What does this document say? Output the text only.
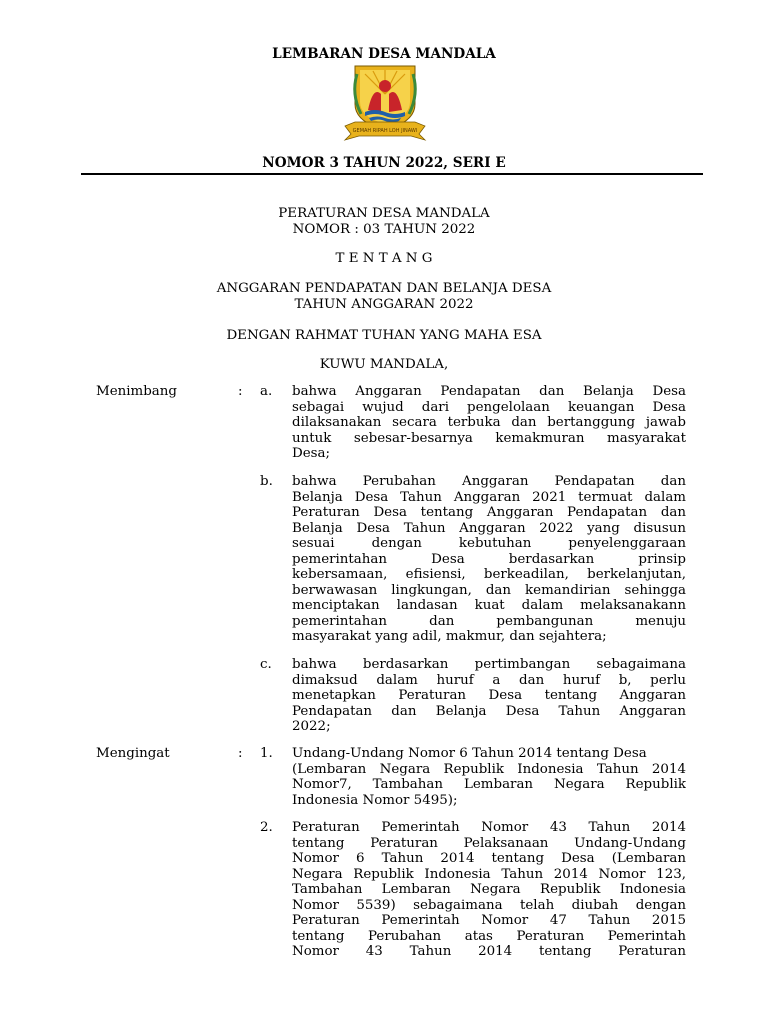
LEMBARAN DESA MANDALA
GEMAH RIPAH LOH JINAWI
NOMOR 3 TAHUN 2022, SERI E
PERATURAN DESA MANDALA
NOMOR : 03 TAHUN 2022
T E N T A N G
ANGGARAN PENDAPATAN DAN BELANJA DESA
TAHUN ANGGARAN 2022
DENGAN RAHMAT TUHAN YANG MAHA ESA
KUWU MANDALA,
Menimbang	: a. bahwa Anggaran Pendapatan dan Belanja Desa
sebagai wujud dari pengelolaan keuangan Desa
dilaksanakan secara terbuka dan bertanggung jawab
untuk sebesar-besarnya kemakmuran masyarakat
Desa;
b. bahwa Perubahan Anggaran Pendapatan dan
Belanja Desa Tahun Anggaran 2021 termuat dalam
Peraturan Desa tentang Anggaran Pendapatan dan
Belanja Desa Tahun Anggaran 2022 yang disusun
sesuai dengan kebutuhan penyelenggaraan
pemerintahan Desa berdasarkan prinsip
kebersamaan, efisiensi, berkeadilan, berkelanjutan,
berwawasan lingkungan, dan kemandirian sehingga
menciptakan landasan kuat dalam melaksanakann
pemerintahan dan pembangunan menuju
masyarakat yang adil, makmur, dan sejahtera;
c. bahwa berdasarkan pertimbangan sebagaimana
dimaksud dalam huruf a dan huruf b, perlu
menetapkan Peraturan Desa tentang Anggaran
Pendapatan dan Belanja Desa Tahun Anggaran
2022;
Mengingat	: 1. Undang-Undang Nomor 6 Tahun 2014 tentang Desa
(Lembaran Negara Republik Indonesia Tahun 2014
Nomor7, Tambahan Lembaran Negara Republik
Indonesia Nomor 5495);
2. Peraturan Pemerintah Nomor 43 Tahun 2014
tentang Peraturan Pelaksanaan Undang-Undang
Nomor 6 Tahun 2014 tentang Desa (Lembaran
Negara Republik Indonesia Tahun 2014 Nomor 123,
Tambahan Lembaran Negara Republik Indonesia
Nomor 5539) sebagaimana telah diubah dengan
Peraturan Pemerintah Nomor 47 Tahun 2015
tentang Perubahan atas Peraturan Pemerintah
Nomor 43 Tahun 2014 tentang Peraturan
